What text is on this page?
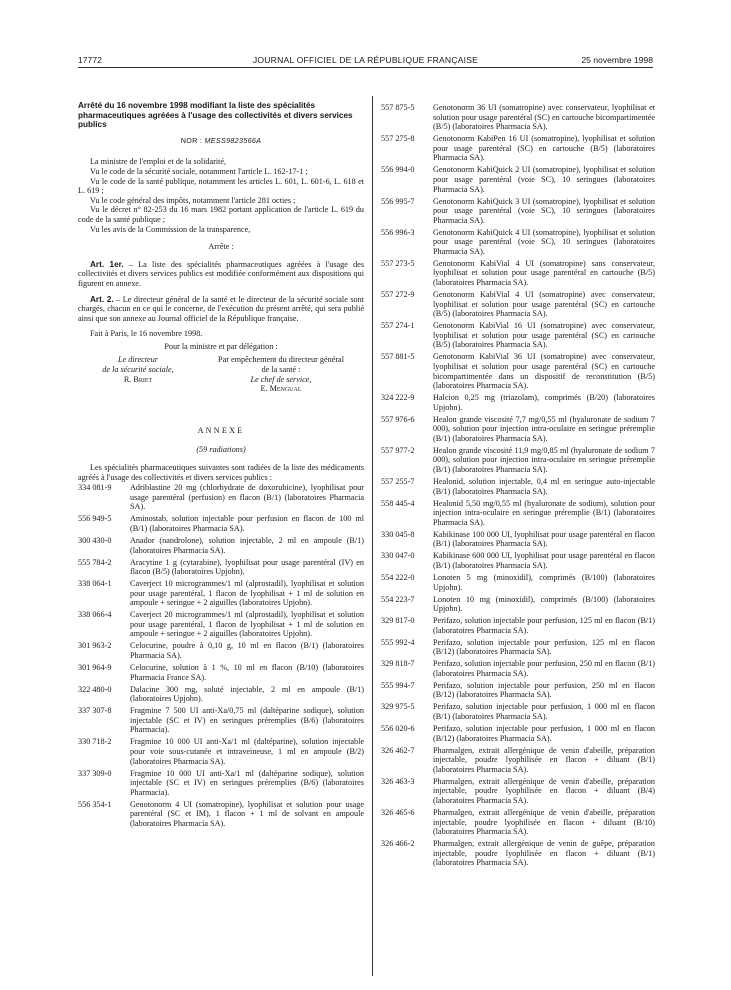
17772	JOURNAL OFFICIEL DE LA RÉPUBLIQUE FRANÇAISE	25 novembre 1998
Arrêté du 16 novembre 1998 modifiant la liste des spécialités pharmaceutiques agréées à l'usage des collectivités et divers services publics
NOR : MESS9823566A

La ministre de l'emploi et de la solidarité,

Vu le code de la sécurité sociale, notamment l'article L. 162-17-1 ;

Vu le code de la santé publique, notamment les articles L. 601, L. 601-6, L. 618 et L. 619 ;

Vu le code général des impôts, notamment l'article 281 octies ;

Vu le décret n° 82-253 du 16 mars 1982 portant application de l'article L. 619 du code de la santé publique ;

Vu les avis de la Commission de la transparence,

Arrête :

Art. 1er. – La liste des spécialités pharmaceutiques agréées à l'usage des collectivités et divers services publics est modifiée conformément aux dispositions qui figurent en annexe.

Art. 2. – Le directeur général de la santé et le directeur de la sécurité sociale sont chargés, chacun en ce qui le concerne, de l'exécution du présent arrêté, qui sera publié ainsi que son annexe au Journal officiel de la République française.

Fait à Paris, le 16 novembre 1998.

Pour la ministre et par délégation :
Le directeur
de la sécurité sociale,
R. Briet
Par empêchement du directeur général
de la santé :
Le chef de service,
E. Mengual
ANNEXE
(59 radiations)

Les spécialités pharmaceutiques suivantes sont radiées de la liste des médicaments agréés à l'usage des collectivités et divers services publics :

334 081-9	Adriblastine 20 mg (chlorhydrate de doxorubicine), lyophilisat pour usage parentéral (perfusion) en flacon (B/1) (laboratoires Pharmacia SA).
556 949-5	Aminostab, solution injectable pour perfusion en flacon de 100 ml (B/1) (laboratoires Pharmacia SA).
300 430-0	Anador (nandrolone), solution injectable, 2 ml en ampoule (B/1) (laboratoires Pharmacia SA).
555 784-2	Aracytine 1 g (cytarabine), lyophilisat pour usage parentéral (IV) en flacon (B/5) (laboratoires Upjohn).
338 064-1	Caverject 10 microgrammes/1 ml (alprostadil), lyophilisat et solution pour usage parentéral, 1 flacon de lyophilisat + 1 ml de solution en ampoule + seringue + 2 aiguilles (laboratoires Upjohn).
338 066-4	Caverject 20 microgrammes/1 ml (alprostadil), lyophilisat et solution pour usage parentéral, 1 flacon de lyophilisat + 1 ml de solution en ampoule + seringue + 2 aiguilles (laboratoires Upjohn).
301 963-2	Celocurine, poudre à 0,10 g, 10 ml en flacon (B/1) (laboratoires Pharmacia SA).
301 964-9	Celocurine, solution à 1 %, 10 ml en flacon (B/10) (laboratoires Pharmacia France SA).
322 480-0	Dalacine 300 mg, soluté injectable, 2 ml en ampoule (B/1) (laboratoires Upjohn).
337 307-8	Fragmine 7 500 UI anti-Xa/0,75 ml (daltéparine sodique), solution injectable (SC et IV) en seringues préremplies (B/6) (laboratoires Pharmacia).
330 718-2	Fragmine 10 000 UI anti-Xa/1 ml (daltéparine), solution injectable pour voie sous-cutanée et intraveineuse, 1 ml en ampoule (B/2) (laboratoires Pharmacia SA).
337 309-0	Fragmine 10 000 UI anti-Xa/1 ml (daltéparine sodique), solution injectable (SC et IV) en seringues préremplies (B/6) (laboratoires Pharmacia).
556 354-1	Genotonorm 4 UI (somatropine), lyophilisat et solution pour usage parentéral (SC et IM), 1 flacon + 1 ml de solvant en ampoule (laboratoires Pharmacia SA).
557 875-5	Genotonorm 36 UI (somatropine) avec conservateur, lyophilisat et solution pour usage parentéral (SC) en cartouche bicompartimentée (B/5) (laboratoires Pharmacia SA).
557 275-8	Genotonorm KabiPen 16 UI (somatropine), lyophilisat et solution pour usage parentéral (SC) en cartouche (B/5) (laboratoires Pharmacia SA).
556 994-0	Genotonorm KabiQuick 2 UI (somatropine), lyophilisat et solution pour usage parentéral (voie SC), 10 seringues (laboratoires Pharmacia SA).
556 995-7	Genotonorm KabiQuick 3 UI (somatropine), lyophilisat et solution pour usage parentéral (voie SC), 10 seringues (laboratoires Pharmacia SA).
556 996-3	Genotonorm KabiQuick 4 UI (somatropine), lyophilisat et solution pour usage parentéral (voie SC), 10 seringues (laboratoires Pharmacia SA).
557 273-5	Genotonorm KabiVial 4 UI (somatropine) sans conservateur, lyophilisat et solution pour usage parentéral en cartouche (B/5) (laboratoires Pharmacia SA).
557 272-9	Genotonorm KabiVial 4 UI (somatropine) avec conservateur, lyophilisat et solution pour usage parentéral (SC) en cartouche (B/5) (laboratoires Pharmacia SA).
557 274-1	Genotonorm KabiVial 16 UI (somatropine) avec conservateur, lyophilisat et solution pour usage parentéral (SC) en cartouche (B/5) (laboratoires Pharmacia SA).
557 881-5	Genotonorm KabiVial 36 UI (somatropine) avec conservateur, lyophilisat et solution pour usage parentéral (SC) en cartouche bicompartimentée dans un dispositif de reconstitution (B/5) (laboratoires Pharmacia SA).
324 222-9	Halcion 0,25 mg (triazolam), comprimés (B/20) (laboratoires Upjohn).
557 976-6	Healon grande viscosité 7,7 mg/0,55 ml (hyaluronate de sodium 7 000), solution pour injection intra-oculaire en seringue préremplie (B/1) (laboratoires Pharmacia SA).
557 977-2	Healon grande viscosité 11,9 mg/0,85 ml (hyaluronate de sodium 7 000), solution pour injection intra-oculaire en seringue préremplie (B/1) (laboratoires Pharmacia SA).
557 255-7	Healonid, solution injectable, 0,4 ml en seringue auto-injectable (B/1) (laboratoires Pharmacia SA).
558 445-4	Healonid 5,50 mg/0,55 ml (hyaluronate de sodium), solution pour injection intra-oculaire en seringue préremplie (B/1) (laboratoires Pharmacia SA).
330 045-8	Kabikinase 100 000 UI, lyophilisat pour usage parentéral en flacon (B/1) (laboratoires Pharmacia SA).
330 047-0	Kabikinase 600 000 UI, lyophilisat pour usage parentéral en flacon (B/1) (laboratoires Pharmacia SA).
554 222-0	Lonoten 5 mg (minoxidil), comprimés (B/100) (laboratoires Upjohn).
554 223-7	Lonoten 10 mg (minoxidil), comprimés (B/100) (laboratoires Upjohn).
329 817-0	Perifazo, solution injectable pour perfusion, 125 ml en flacon (B/1) (laboratoires Pharmacia SA).
555 992-4	Perifazo, solution injectable pour perfusion, 125 ml en flacon (B/12) (laboratoires Pharmacia SA).
329 818-7	Perifazo, solution injectable pour perfusion, 250 ml en flacon (B/1) (laboratoires Pharmacia SA).
555 994-7	Perifazo, solution injectable pour perfusion, 250 ml en flacon (B/12) (laboratoires Pharmacia SA).
329 975-5	Perifazo, solution injectable pour perfusion, 1 000 ml en flacon (B/1) (laboratoires Pharmacia SA).
556 020-6	Perifazo, solution injectable pour perfusion, 1 000 ml en flacon (B/12) (laboratoires Pharmacia SA).
326 462-7	Pharmalgen, extrait allergénique de venin d'abeille, préparation injectable, poudre lyophilisée en flacon + diluant (B/1) (laboratoires Pharmacia SA).
326 463-3	Pharmalgen, extrait allergénique de venin d'abeille, préparation injectable, poudre lyophilisée en flacon + diluant (B/4) (laboratoires Pharmacia SA).
326 465-6	Pharmalgen, extrait allergénique de venin d'abeille, préparation injectable, poudre lyophilisée en flacon + diluant (B/10) (laboratoires Pharmacia SA).
326 466-2	Pharmalgen, extrait allergénique de venin de guêpe, préparation injectable, poudre lyophilisée en flacon + diluant (B/1) (laboratoires Pharmacia SA).
